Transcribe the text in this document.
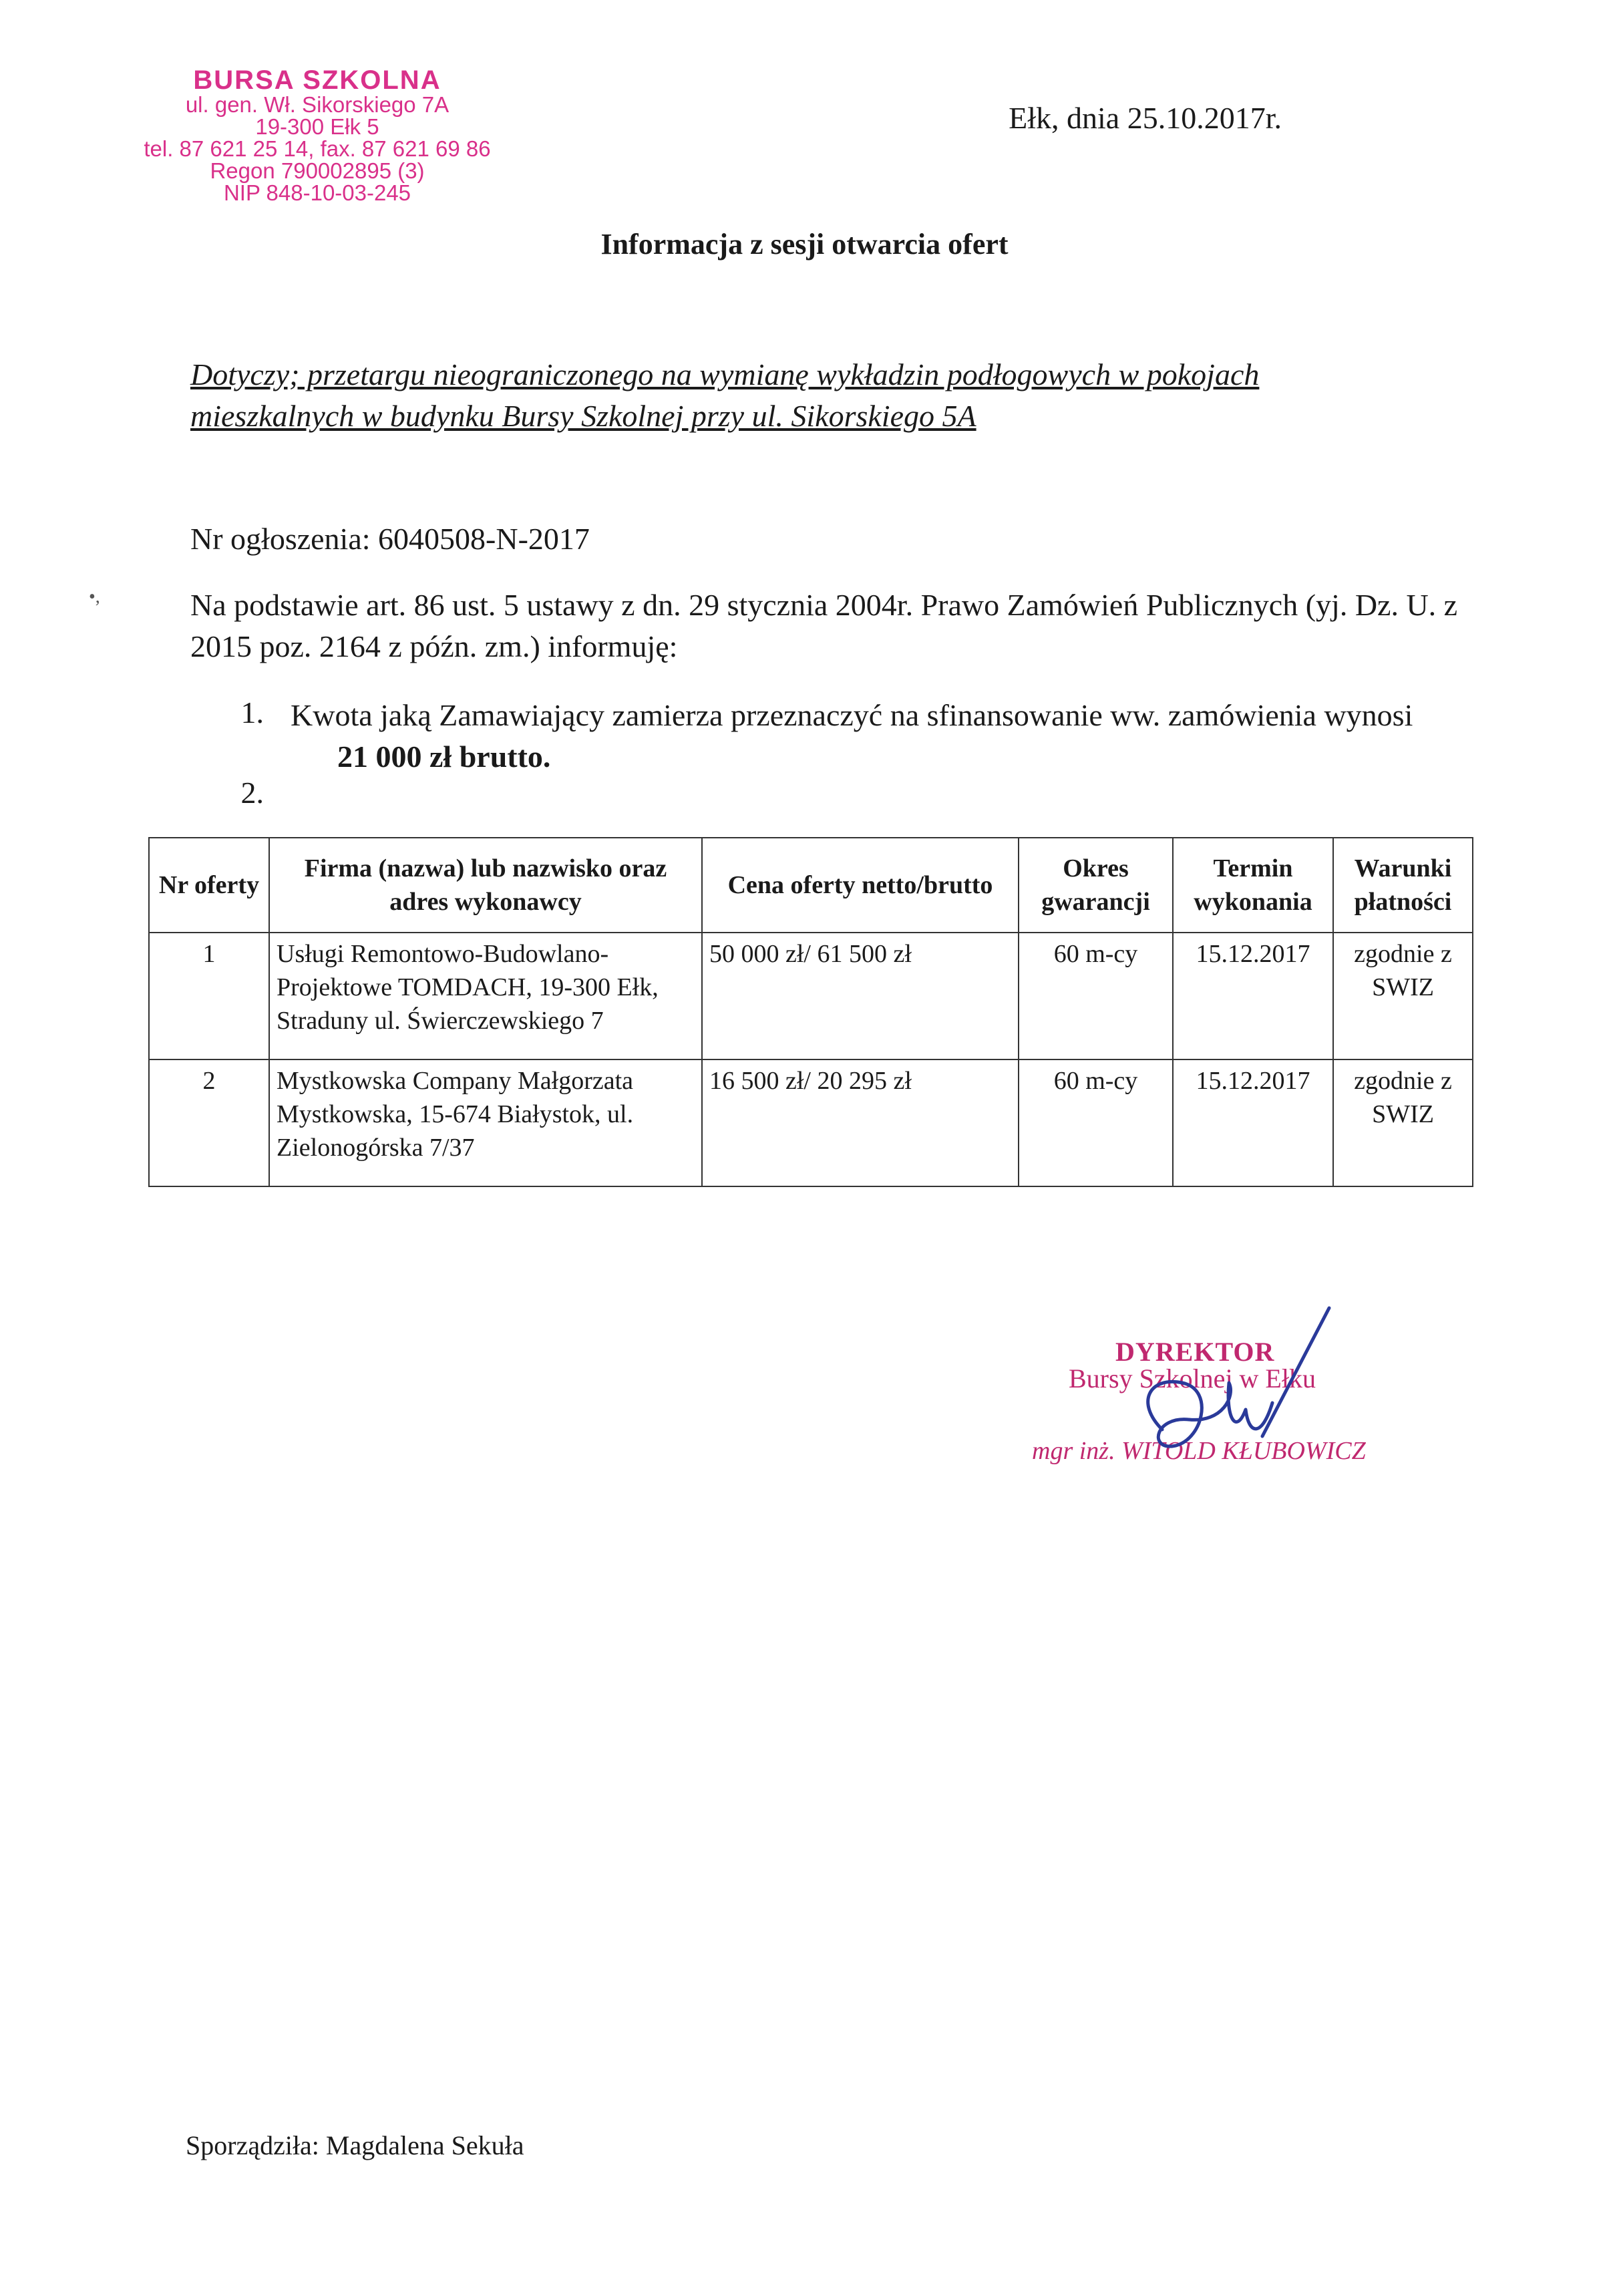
BURSA SZKOLNA
ul. gen. Wł. Sikorskiego 7A
19-300 Ełk 5
tel. 87 621 25 14, fax. 87 621 69 86
Regon 790002895 (3)
NIP 848-10-03-245
Ełk, dnia 25.10.2017r.
Informacja z sesji otwarcia ofert
Dotyczy; przetargu nieograniczonego na wymianę wykładzin podłogowych w pokojach mieszkalnych w budynku Bursy Szkolnej przy ul. Sikorskiego 5A
Nr ogłoszenia: 6040508-N-2017
•,	Na podstawie art. 86 ust. 5 ustawy z dn. 29 stycznia 2004r. Prawo Zamówień Publicznych (yj. Dz. U. z 2015 poz. 2164 z późn. zm.) informuję:
1. Kwota jaką Zamawiający zamierza przeznaczyć na sfinansowanie ww. zamówienia wynosi 21 000 zł brutto.
2.
Nr oferty	Firma (nazwa) lub nazwisko oraz adres wykonawcy	Cena oferty netto/brutto	Okres gwarancji	Termin wykonania	Warunki płatności
1	Usługi Remontowo-Budowlano-Projektowe TOMDACH, 19-300 Ełk, Straduny ul. Świerczewskiego 7	50 000 zł/ 61 500 zł	60 m-cy	15.12.2017	zgodnie z SWIZ
2	Mystkowska Company Małgorzata Mystkowska, 15-674 Białystok, ul. Zielonogórska 7/37	16 500 zł/ 20 295 zł	60 m-cy	15.12.2017	zgodnie z SWIZ
DYREKTOR
Bursy Szkolnej w Ełku
mgr inż. WITOLD KŁUBOWICZ
Sporządziła: Magdalena Sekuła
